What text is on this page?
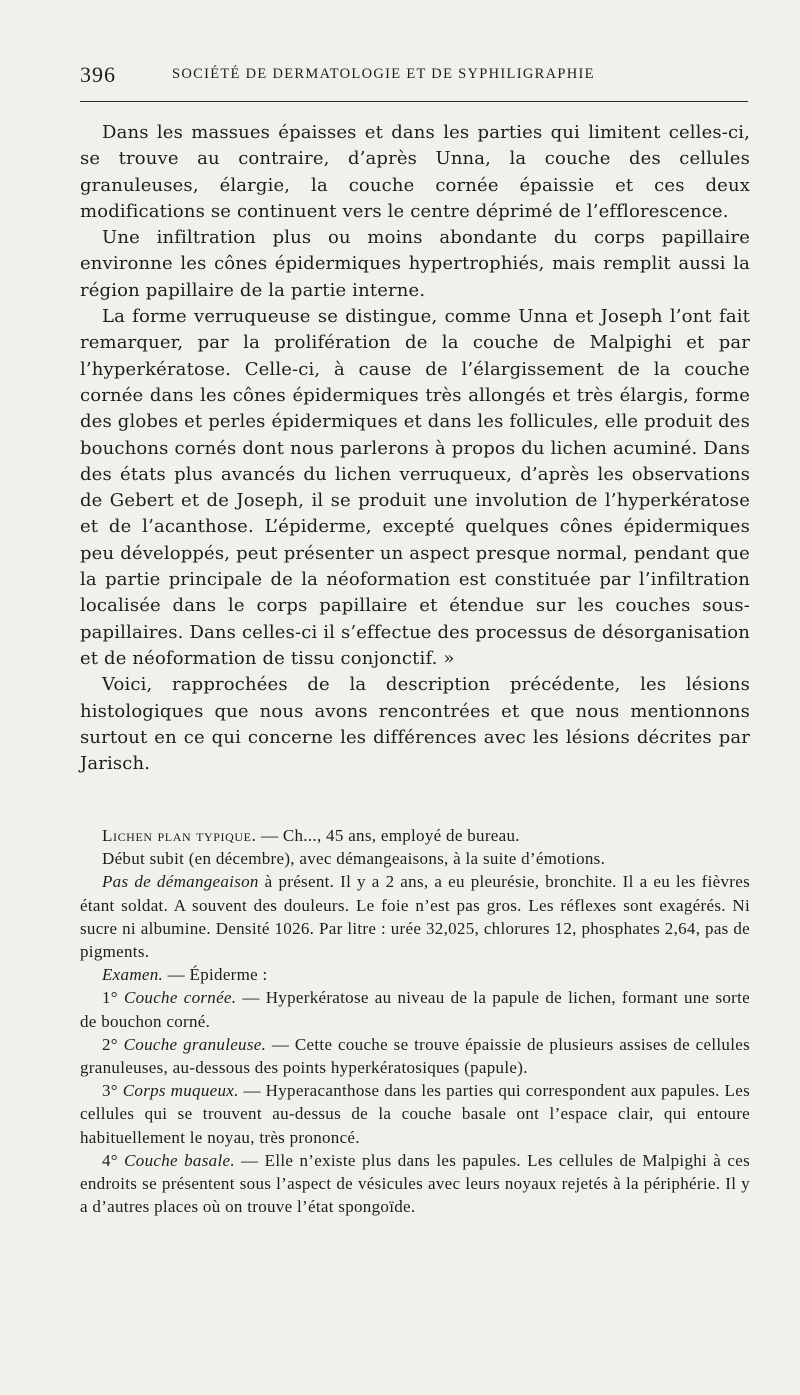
396	SOCIÉTÉ DE DERMATOLOGIE ET DE SYPHILIGRAPHIE

Dans les massues épaisses et dans les parties qui limitent celles-ci, se trouve au contraire, d’après Unna, la couche des cellules granuleuses, élargie, la couche cornée épaissie et ces deux modifications se continuent vers le centre déprimé de l’efflorescence.

Une infiltration plus ou moins abondante du corps papillaire environne les cônes épidermiques hypertrophiés, mais remplit aussi la région papillaire de la partie interne.

La forme verruqueuse se distingue, comme Unna et Joseph l’ont fait remarquer, par la prolifération de la couche de Malpighi et par l’hyperkératose. Celle-ci, à cause de l’élargissement de la couche cornée dans les cônes épidermiques très allongés et très élargis, forme des globes et perles épidermiques et dans les follicules, elle produit des bouchons cornés dont nous parlerons à propos du lichen acuminé. Dans des états plus avancés du lichen verruqueux, d’après les observations de Gebert et de Joseph, il se produit une involution de l’hyperkératose et de l’acanthose. L’épiderme, excepté quelques cônes épidermiques peu développés, peut présenter un aspect presque normal, pendant que la partie principale de la néoformation est constituée par l’infiltration localisée dans le corps papillaire et étendue sur les couches sous-papillaires. Dans celles-ci il s’effectue des processus de désorganisation et de néoformation de tissu conjonctif. »

Voici, rapprochées de la description précédente, les lésions histologiques que nous avons rencontrées et que nous mentionnons surtout en ce qui concerne les différences avec les lésions décrites par Jarisch.

Lichen plan typique. — Ch..., 45 ans, employé de bureau.

Début subit (en décembre), avec démangeaisons, à la suite d’émotions.

Pas de démangeaison à présent. Il y a 2 ans, a eu pleurésie, bronchite. Il a eu les fièvres étant soldat. A souvent des douleurs. Le foie n’est pas gros. Les réflexes sont exagérés. Ni sucre ni albumine. Densité 1026. Par litre : urée 32,025, chlorures 12, phosphates 2,64, pas de pigments.

Examen. — Épiderme :

1° Couche cornée. — Hyperkératose au niveau de la papule de lichen, formant une sorte de bouchon corné.

2° Couche granuleuse. — Cette couche se trouve épaissie de plusieurs assises de cellules granuleuses, au-dessous des points hyperkératosiques (papule).

3° Corps muqueux. — Hyperacanthose dans les parties qui correspondent aux papules. Les cellules qui se trouvent au-dessus de la couche basale ont l’espace clair, qui entoure habituellement le noyau, très prononcé.

4° Couche basale. — Elle n’existe plus dans les papules. Les cellules de Malpighi à ces endroits se présentent sous l’aspect de vésicules avec leurs noyaux rejetés à la périphérie. Il y a d’autres places où on trouve l’état spongoïde.
